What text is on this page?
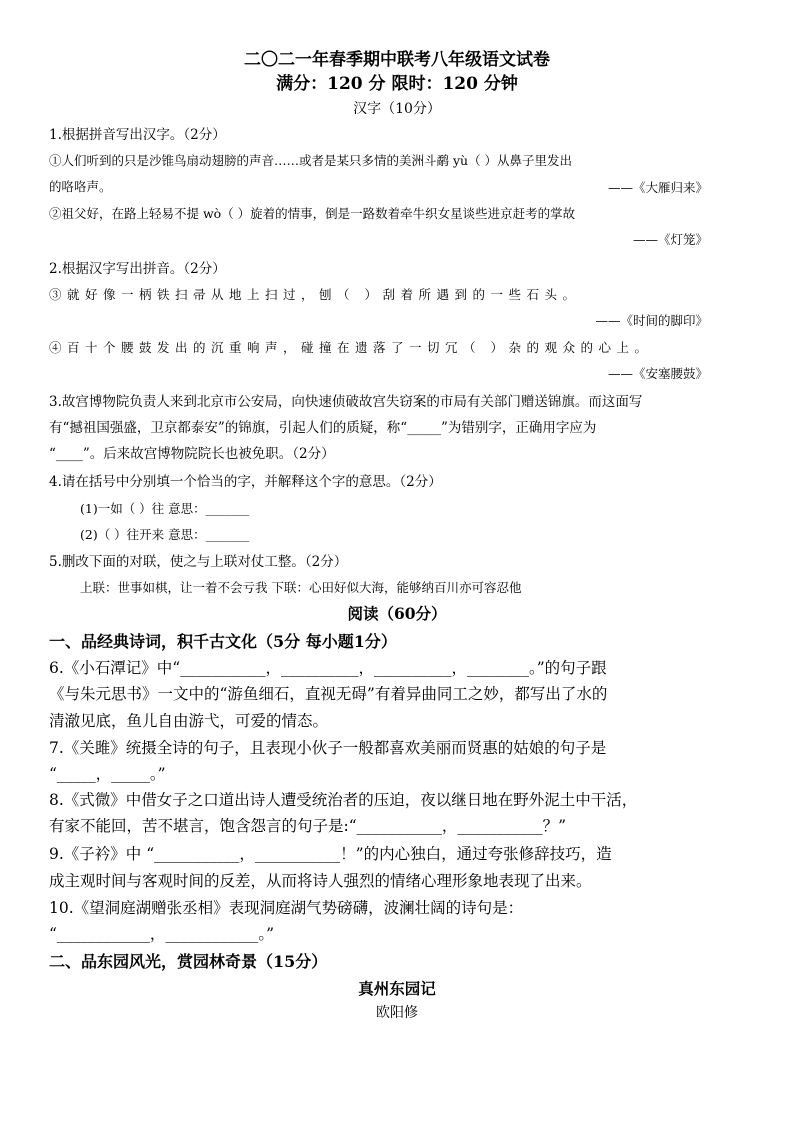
二〇二一年春季期中联考八年级语文试卷
满分：120 分 限时：120 分钟
汉字（10分）
1.根据拼音写出汉字。（2分）
①人们听到的只是沙锥鸟扇动翅膀的声音……或者是某只多情的美洲斗鹬 yù（ ）从鼻子里发出
的咯咯声。	——《大雁归来》
②祖父好，在路上轻易不提 wò（ ）旋着的情事，倒是一路数着牵牛织女星谈些进京赶考的掌故
——《灯笼》
2.根据汉字写出拼音。（2分）
③就好像一柄铁扫帚从地上扫过，刨（ ）刮着所遇到的一些石头。
——《时间的脚印》
④百十个腰鼓发出的沉重响声，碰撞在遗落了一切冗（ ）杂的观众的心上。
——《安塞腰鼓》
3.故宫博物院负责人来到北京市公安局，向快速侦破故宫失窃案的市局有关部门赠送锦旗。而这面写
有“撼祖国强盛，卫京都泰安”的锦旗，引起人们的质疑，称“_____”为错别字，正确用字应为
“____”。后来故宫博物院院长也被免职。（2分）
4.请在括号中分别填一个恰当的字，并解释这个字的意思。（2分）
(1)一如（ ）往 意思：_______
(2)（ ）往开来 意思：_______
5.删改下面的对联，使之与上联对仗工整。（2分）
上联：世事如棋，让一着不会亏我 下联：心田好似大海，能够纳百川亦可容忍他
阅读（60分）
一、品经典诗词，积千古文化（5分 每小题1分）
6.《小石潭记》中“___________，__________，__________，________。”的句子跟
《与朱元思书》一文中的“游鱼细石，直视无碍”有着异曲同工之妙，都写出了水的
清澈见底，鱼儿自由游弋，可爱的情态。
7.《关雎》统摄全诗的句子，且表现小伙子一般都喜欢美丽而贤惠的姑娘的句子是
“_____，_____。”
8.《式微》中借女子之口道出诗人遭受统治者的压迫，夜以继日地在野外泥土中干活，
有家不能回，苦不堪言，饱含怨言的句子是:“___________，___________？”
9.《子衿》中 “___________，___________！”的内心独白，通过夸张修辞技巧，造
成主观时间与客观时间的反差，从而将诗人强烈的情绪心理形象地表现了出来。
10.《望洞庭湖赠张丞相》表现洞庭湖气势磅礴，波澜壮阔的诗句是：
“____________，____________。”
二、品东园风光，赏园林奇景（15分）
真州东园记
欧阳修
